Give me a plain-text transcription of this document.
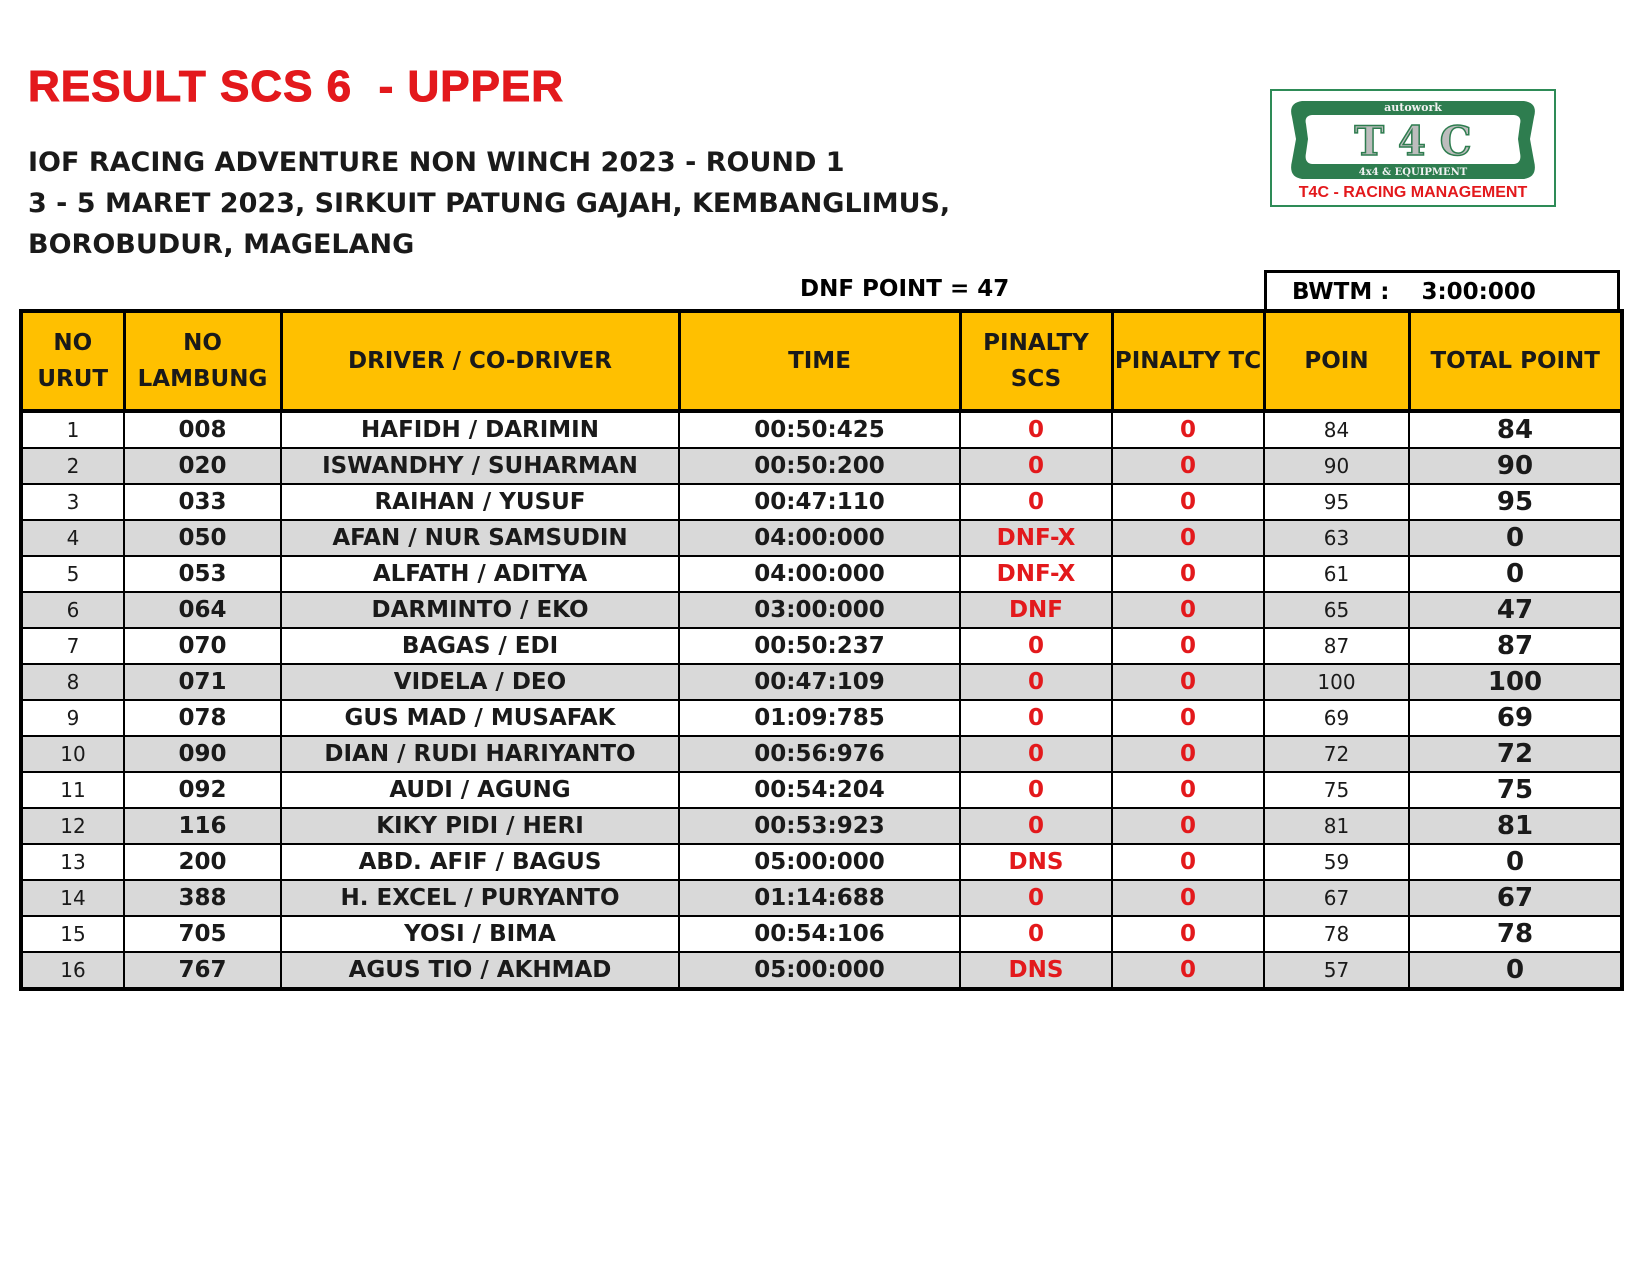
RESULT SCS 6  - UPPER
IOF RACING ADVENTURE NON WINCH 2023 - ROUND 1
3 - 5 MARET 2023, SIRKUIT PATUNG GAJAH, KEMBANGLIMUS,
BOROBUDUR, MAGELANG
autowork
T 4 C
4x4 & EQUIPMENT
T4C - RACING MANAGEMENT
DNF POINT = 47	BWTM :    3:00:000
NO URUT	NO LAMBUNG	DRIVER / CO-DRIVER	TIME	PINALTY SCS	PINALTY TC	POIN	TOTAL POINT
1	008	HAFIDH / DARIMIN	00:50:425	0	0	84	84
2	020	ISWANDHY / SUHARMAN	00:50:200	0	0	90	90
3	033	RAIHAN / YUSUF	00:47:110	0	0	95	95
4	050	AFAN / NUR SAMSUDIN	04:00:000	DNF-X	0	63	0
5	053	ALFATH / ADITYA	04:00:000	DNF-X	0	61	0
6	064	DARMINTO / EKO	03:00:000	DNF	0	65	47
7	070	BAGAS / EDI	00:50:237	0	0	87	87
8	071	VIDELA / DEO	00:47:109	0	0	100	100
9	078	GUS MAD / MUSAFAK	01:09:785	0	0	69	69
10	090	DIAN / RUDI HARIYANTO	00:56:976	0	0	72	72
11	092	AUDI / AGUNG	00:54:204	0	0	75	75
12	116	KIKY PIDI / HERI	00:53:923	0	0	81	81
13	200	ABD. AFIF / BAGUS	05:00:000	DNS	0	59	0
14	388	H. EXCEL / PURYANTO	01:14:688	0	0	67	67
15	705	YOSI / BIMA	00:54:106	0	0	78	78
16	767	AGUS TIO / AKHMAD	05:00:000	DNS	0	57	0
